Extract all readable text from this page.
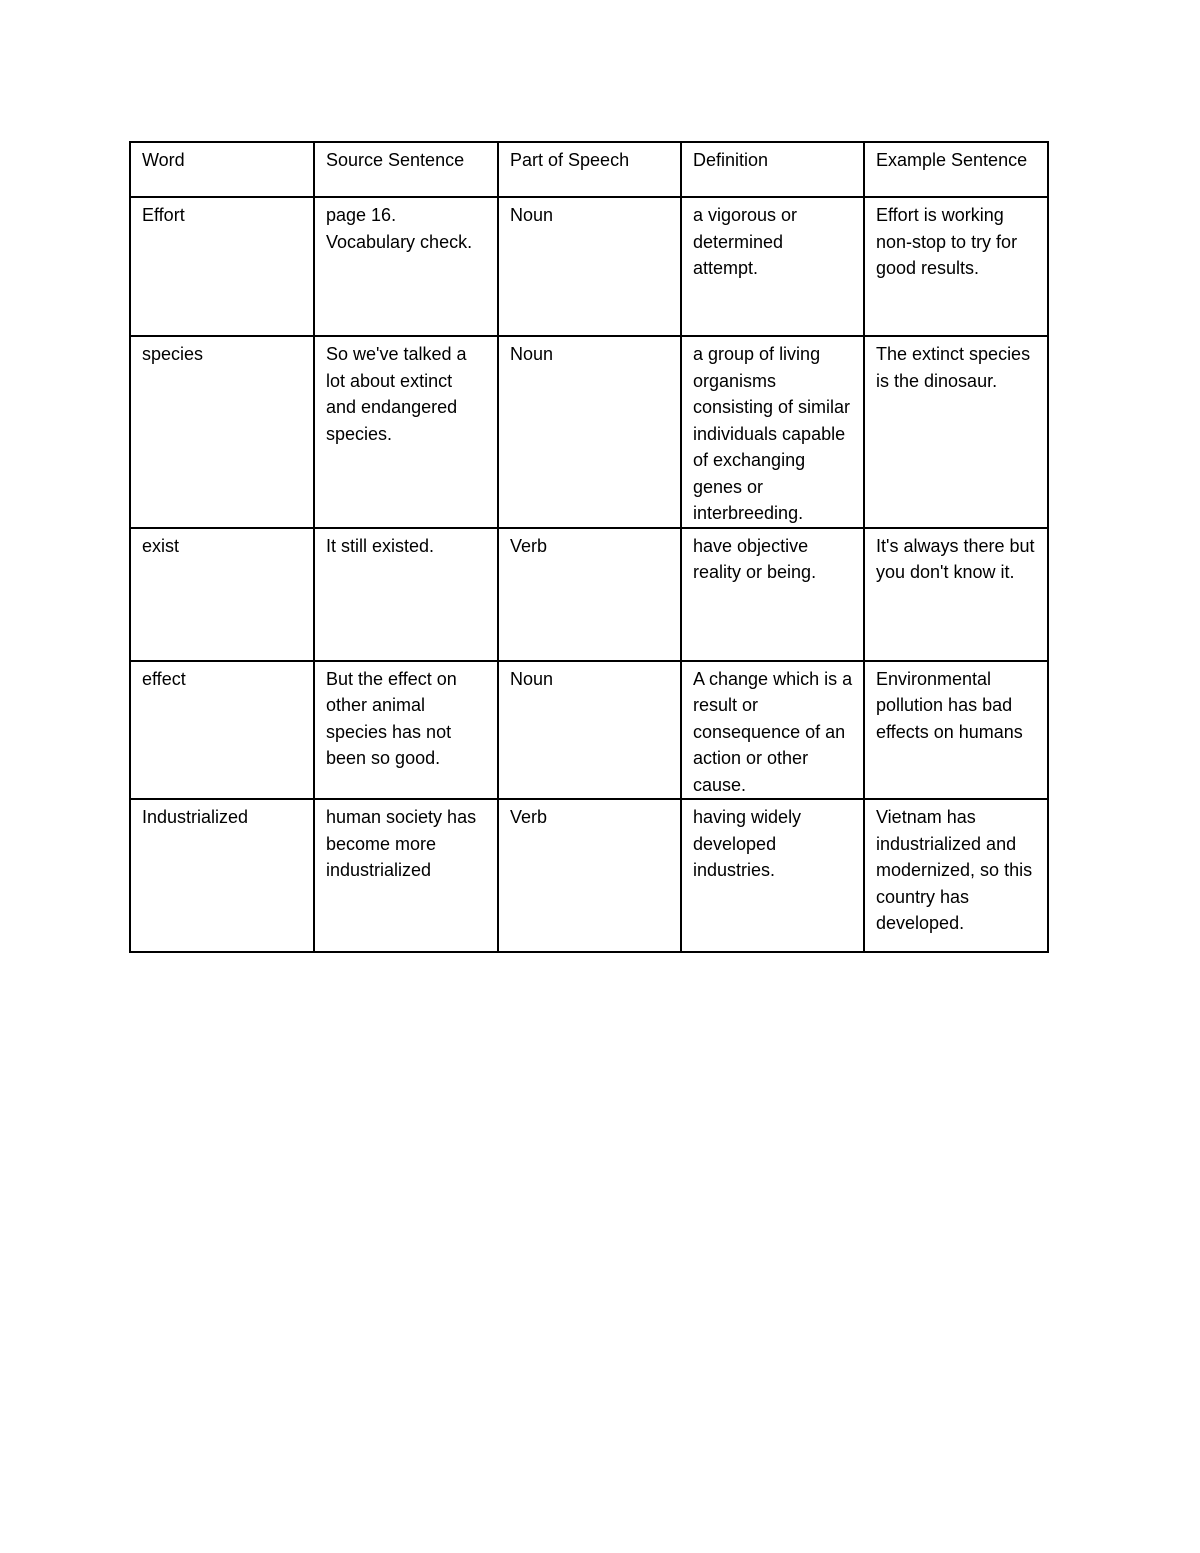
Word	Source Sentence	Part of Speech	Definition	Example Sentence
Effort	page 16. Vocabulary check.	Noun	a vigorous or determined attempt.	Effort is working non-stop to try for good results.
species	So we've talked a lot about extinct and endangered species.	Noun	a group of living organisms consisting of similar individuals capable of exchanging genes or interbreeding.	The extinct species is the dinosaur.
exist	It still existed.	Verb	have objective reality or being.	It's always there but you don't know it.
effect	But the effect on other animal species has not been so good.	Noun	A change which is a result or consequence of an action or other cause.	Environmental pollution has bad effects on humans
Industrialized	human society has become more industrialized	Verb	having widely developed industries.	Vietnam has industrialized and modernized, so this country has developed.
